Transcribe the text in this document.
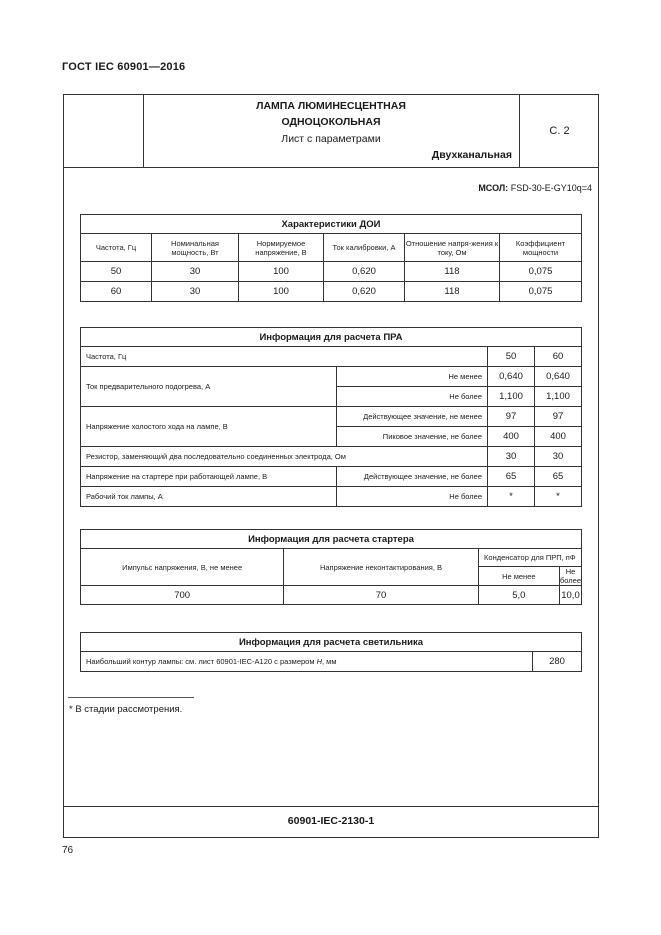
ГОСТ IEC 60901—2016
ЛАМПА ЛЮМИНЕСЦЕНТНАЯ
ОДНОЦОКОЛЬНАЯ
Лист с параметрами
Двухканальная
С. 2
МСОЛ: FSD-30-E-GY10q=4
Характеристики ДОИ					
Частота, Гц	Номинальная мощность, Вт	Нормируемое напряжение, В	Ток калибровки, А	Отношение напря-жения к току, Ом	Коэффициент мощности
50	30	100	0,620	118	0,075
60	30	100	0,620	118	0,075
Информация для расчета ПРА			
Частота, Гц		50	60
Ток предварительного подогрева, А	Не менее	0,640	0,640
	Не более	1,100	1,100
Напряжение холостого хода на лампе, В	Действующее значение, не менее	97	97
	Пиковое значение, не более	400	400
Резистор, заменяющий два последовательно соединенных электрода, Ом		30	30
Напряжение на стартере при работающей лампе, В	Действующее значение, не более	65	65
Рабочий ток лампы, А	Не более	*	*
Информация для расчета стартера			
Импульс напряжения, В, не менее	Напряжение неконтактирования, В	Конденсатор для ПРП, пФ	
		Не менее	Не более
700	70	5,0	10,0
Информация для расчета светильника
Наибольший контур лампы: см. лист 60901-IEC-A120 с размером Н, мм	280
* В стадии рассмотрения.
60901-IEC-2130-1
76
